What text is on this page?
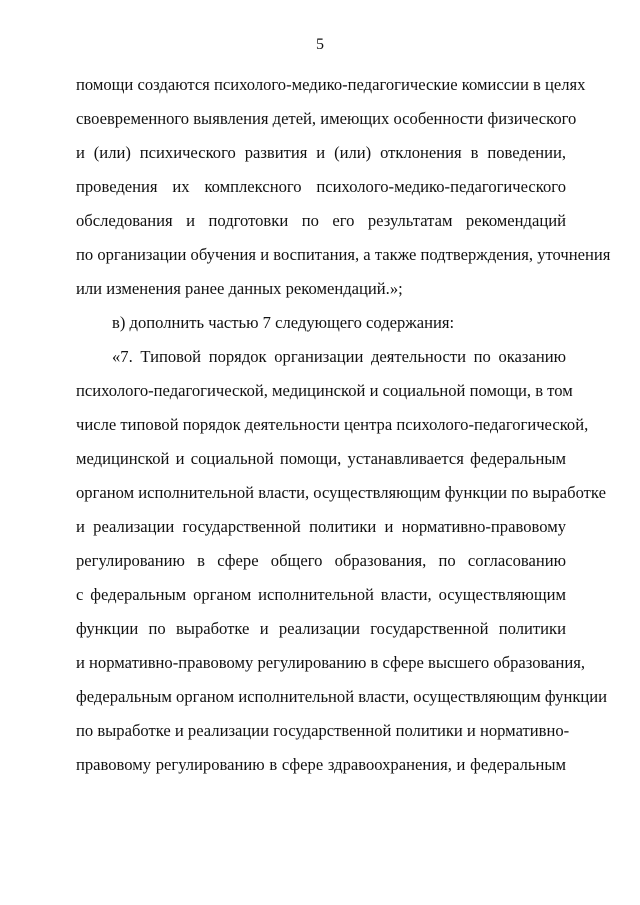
5
помощи создаются психолого-медико-педагогические комиссии в целях
своевременного выявления детей, имеющих особенности физического
и (или) психического развития и (или) отклонения в поведении,
проведения их комплексного психолого-медико-педагогического
обследования и подготовки по его результатам рекомендаций
по организации обучения и воспитания, а также подтверждения, уточнения
или изменения ранее данных рекомендаций.»;
в) дополнить частью 7 следующего содержания:
«7. Типовой порядок организации деятельности по оказанию
психолого-педагогической, медицинской и социальной помощи, в том
числе типовой порядок деятельности центра психолого-педагогической,
медицинской и социальной помощи, устанавливается федеральным
органом исполнительной власти, осуществляющим функции по выработке
и реализации государственной политики и нормативно-правовому
регулированию в сфере общего образования, по согласованию
с федеральным органом исполнительной власти, осуществляющим
функции по выработке и реализации государственной политики
и нормативно-правовому регулированию в сфере высшего образования,
федеральным органом исполнительной власти, осуществляющим функции
по выработке и реализации государственной политики и нормативно-
правовому регулированию в сфере здравоохранения, и федеральным
